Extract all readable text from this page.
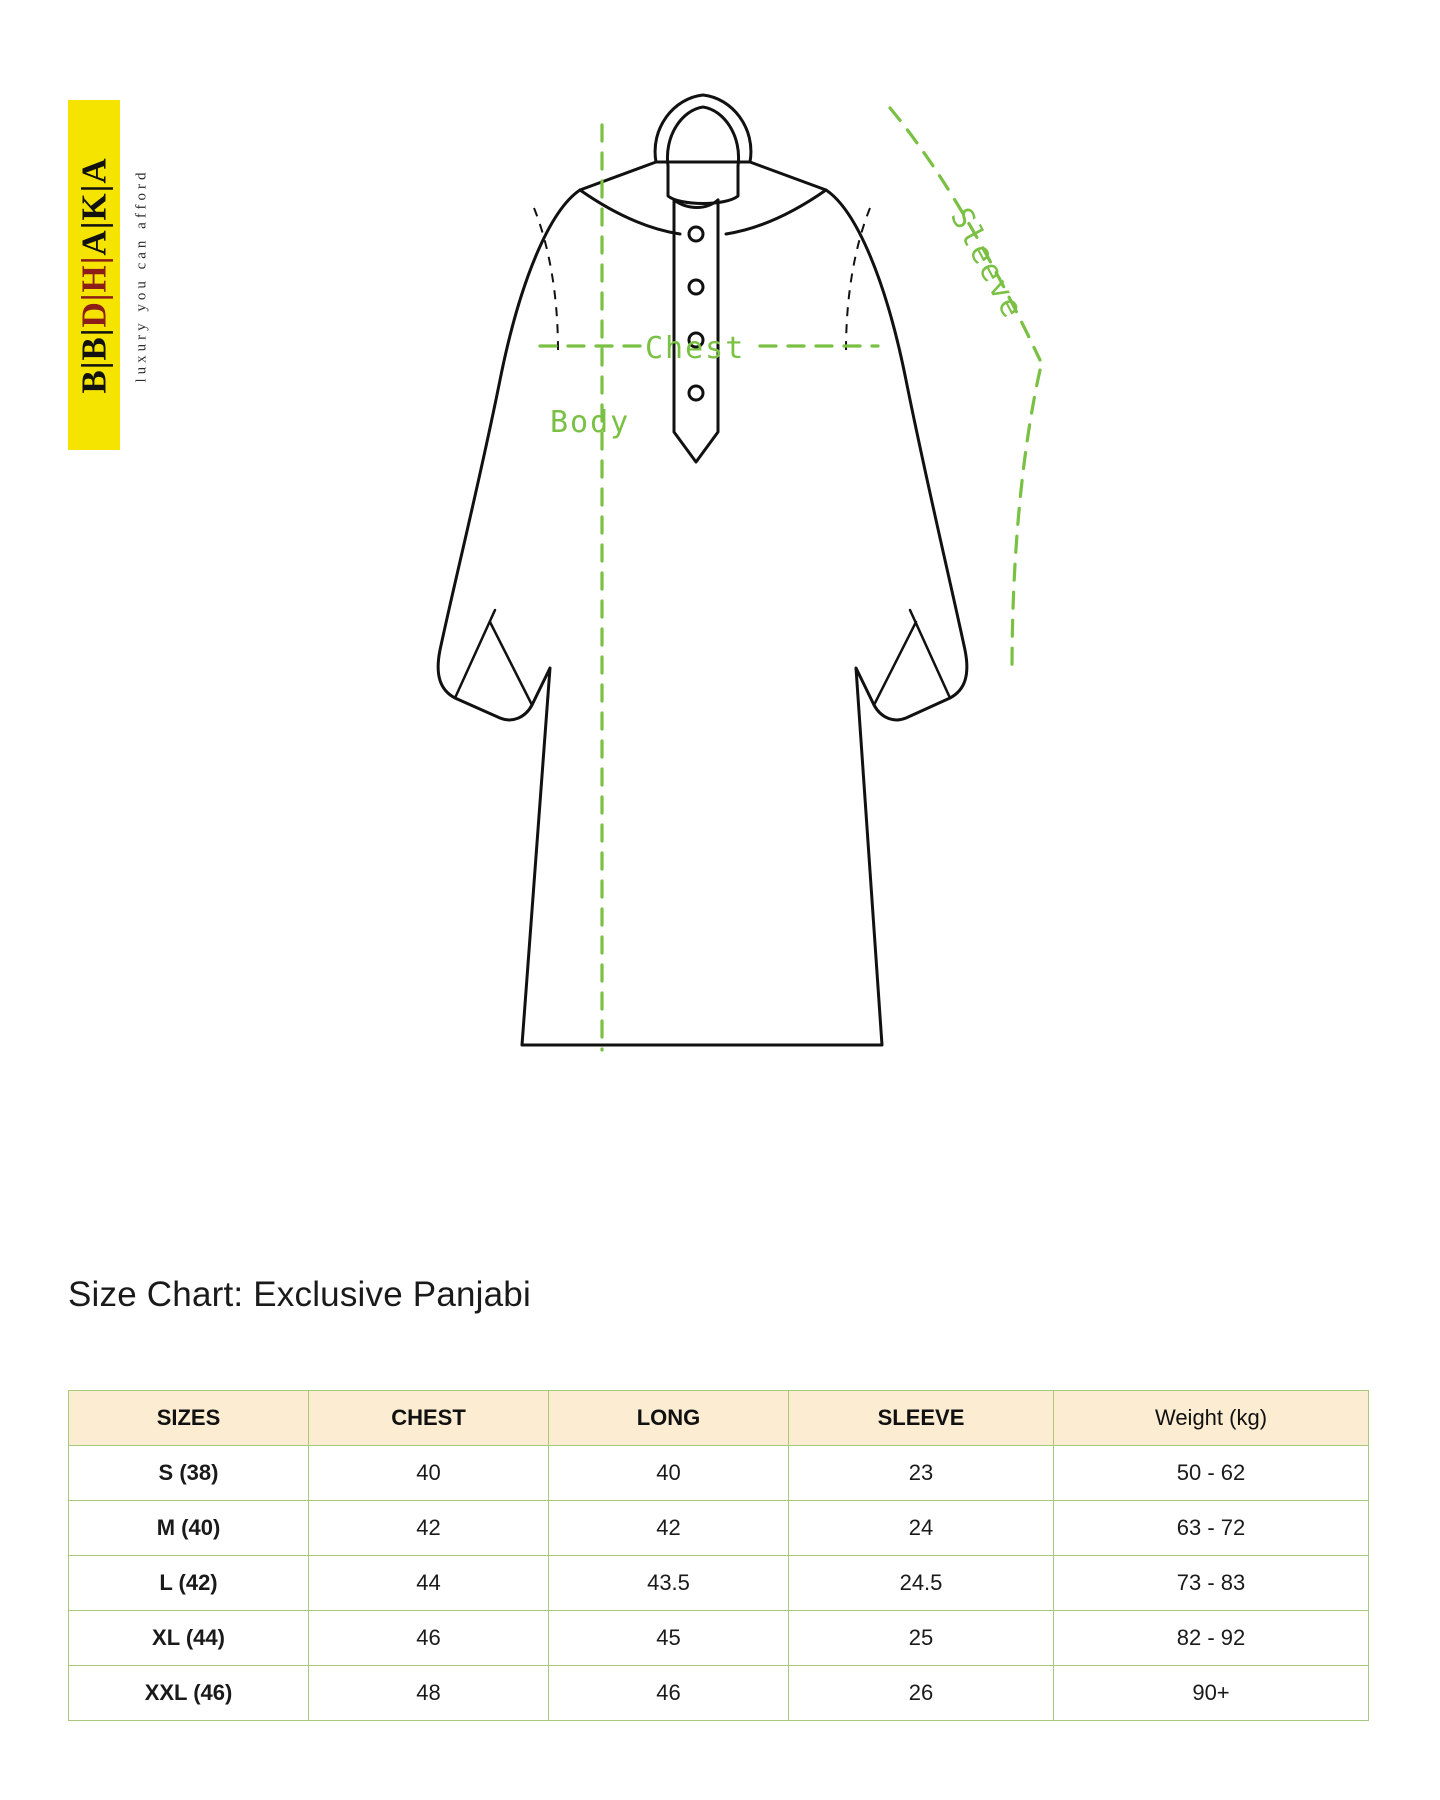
B|B|D|H|A|K|A luxury you can afford	Chest
Body
Sleeve
Size Chart: Exclusive Panjabi
SIZES	CHEST	LONG	SLEEVE	Weight (kg)
S (38)	40	40	23	50 - 62
M (40)	42	42	24	63 - 72
L (42)	44	43.5	24.5	73 - 83
XL (44)	46	45	25	82 - 92
XXL (46)	48	46	26	90+
